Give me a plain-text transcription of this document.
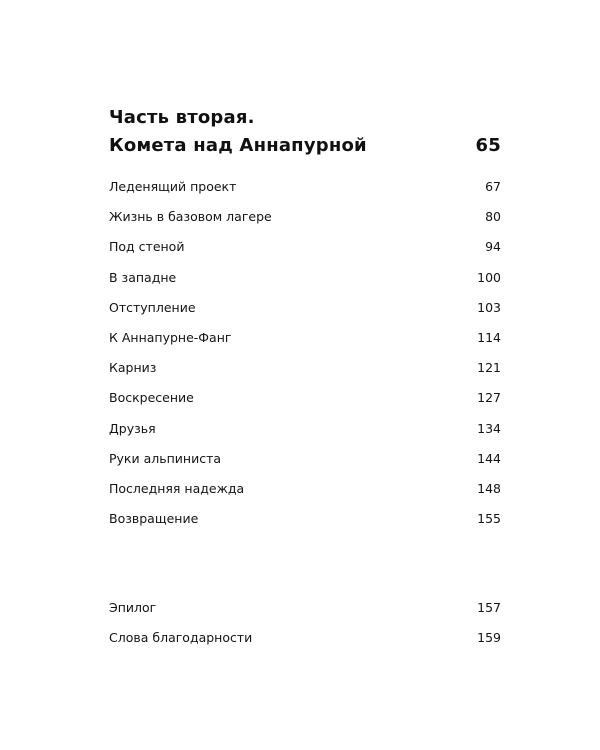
Часть вторая.
Комета над Аннапурной	65
Леденящий проект	67
Жизнь в базовом лагере	80
Под стеной	94
В западне	100
Отступление	103
К Аннапурне-Фанг	114
Карниз	121
Воскресение	127
Друзья	134
Руки альпиниста	144
Последняя надежда	148
Возвращение	155
Эпилог	157
Слова благодарности	159
